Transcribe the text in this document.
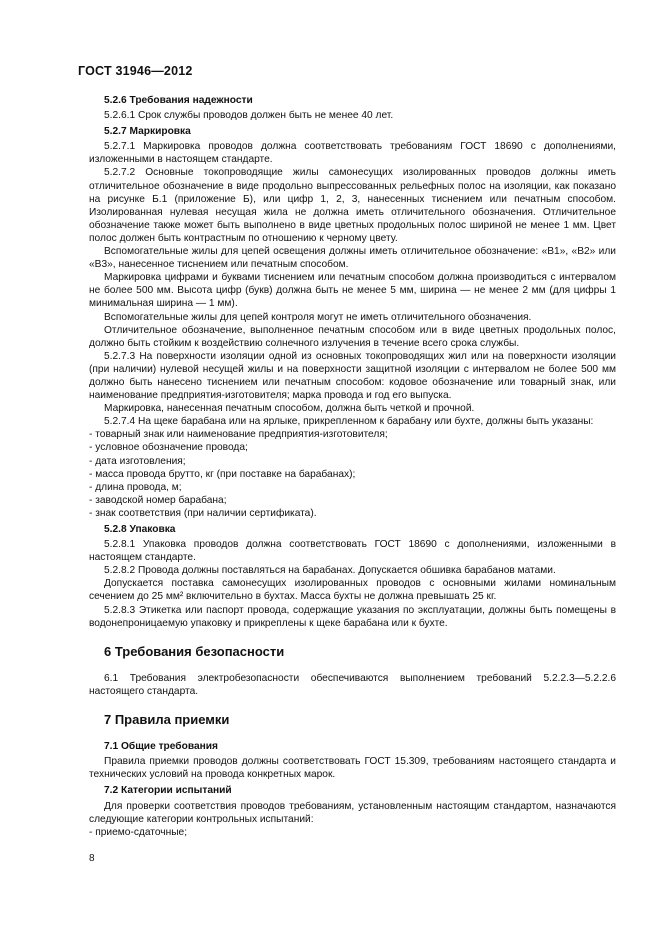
ГОСТ 31946—2012

5.2.6 Требования надежности

5.2.6.1 Срок службы проводов должен быть не менее 40 лет.

5.2.7 Маркировка

5.2.7.1 Маркировка проводов должна соответствовать требованиям ГОСТ 18690 с дополнениями, изложенными в настоящем стандарте.

5.2.7.2 Основные токопроводящие жилы самонесущих изолированных проводов должны иметь отличительное обозначение в виде продольно выпрессованных рельефных полос на изоляции, как показано на рисунке Б.1 (приложение Б), или цифр 1, 2, 3, нанесенных тиснением или печатным способом. Изолированная нулевая несущая жила не должна иметь отличительного обозначения. Отличительное обозначение также может быть выполнено в виде цветных продольных полос шириной не менее 1 мм. Цвет полос должен быть контрастным по отношению к черному цвету.

Вспомогательные жилы для цепей освещения должны иметь отличительное обозначение: «В1», «В2» или «В3», нанесенное тиснением или печатным способом.

Маркировка цифрами и буквами тиснением или печатным способом должна производиться с интервалом не более 500 мм. Высота цифр (букв) должна быть не менее 5 мм, ширина — не менее 2 мм (для цифры 1 минимальная ширина — 1 мм).

Вспомогательные жилы для цепей контроля могут не иметь отличительного обозначения.

Отличительное обозначение, выполненное печатным способом или в виде цветных продольных полос, должно быть стойким к воздействию солнечного излучения в течение всего срока службы.

5.2.7.3 На поверхности изоляции одной из основных токопроводящих жил или на поверхности изоляции (при наличии) нулевой несущей жилы и на поверхности защитной изоляции с интервалом не более 500 мм должно быть нанесено тиснением или печатным способом: кодовое обозначение или товарный знак, или наименование предприятия-изготовителя; марка провода и год его выпуска.

Маркировка, нанесенная печатным способом, должна быть четкой и прочной.

5.2.7.4 На щеке барабана или на ярлыке, прикрепленном к барабану или бухте, должны быть указаны:

- товарный знак или наименование предприятия-изготовителя;

- условное обозначение провода;

- дата изготовления;

- масса провода брутто, кг (при поставке на барабанах);

- длина провода, м;

- заводской номер барабана;

- знак соответствия (при наличии сертификата).

5.2.8 Упаковка

5.2.8.1 Упаковка проводов должна соответствовать ГОСТ 18690 с дополнениями, изложенными в настоящем стандарте.

5.2.8.2 Провода должны поставляться на барабанах. Допускается обшивка барабанов матами.

Допускается поставка самонесущих изолированных проводов с основными жилами номинальным сечением до 25 мм² включительно в бухтах. Масса бухты не должна превышать 25 кг.

5.2.8.3 Этикетка или паспорт провода, содержащие указания по эксплуатации, должны быть помещены в водонепроницаемую упаковку и прикреплены к щеке барабана или к бухте.

6 Требования безопасности

6.1 Требования электробезопасности обеспечиваются выполнением требований 5.2.2.3—5.2.2.6 настоящего стандарта.

7 Правила приемки

7.1 Общие требования

Правила приемки проводов должны соответствовать ГОСТ 15.309, требованиям настоящего стандарта и технических условий на провода конкретных марок.

7.2 Категории испытаний

Для проверки соответствия проводов требованиям, установленным настоящим стандартом, назначаются следующие категории контрольных испытаний:

- приемо-сдаточные;

8
